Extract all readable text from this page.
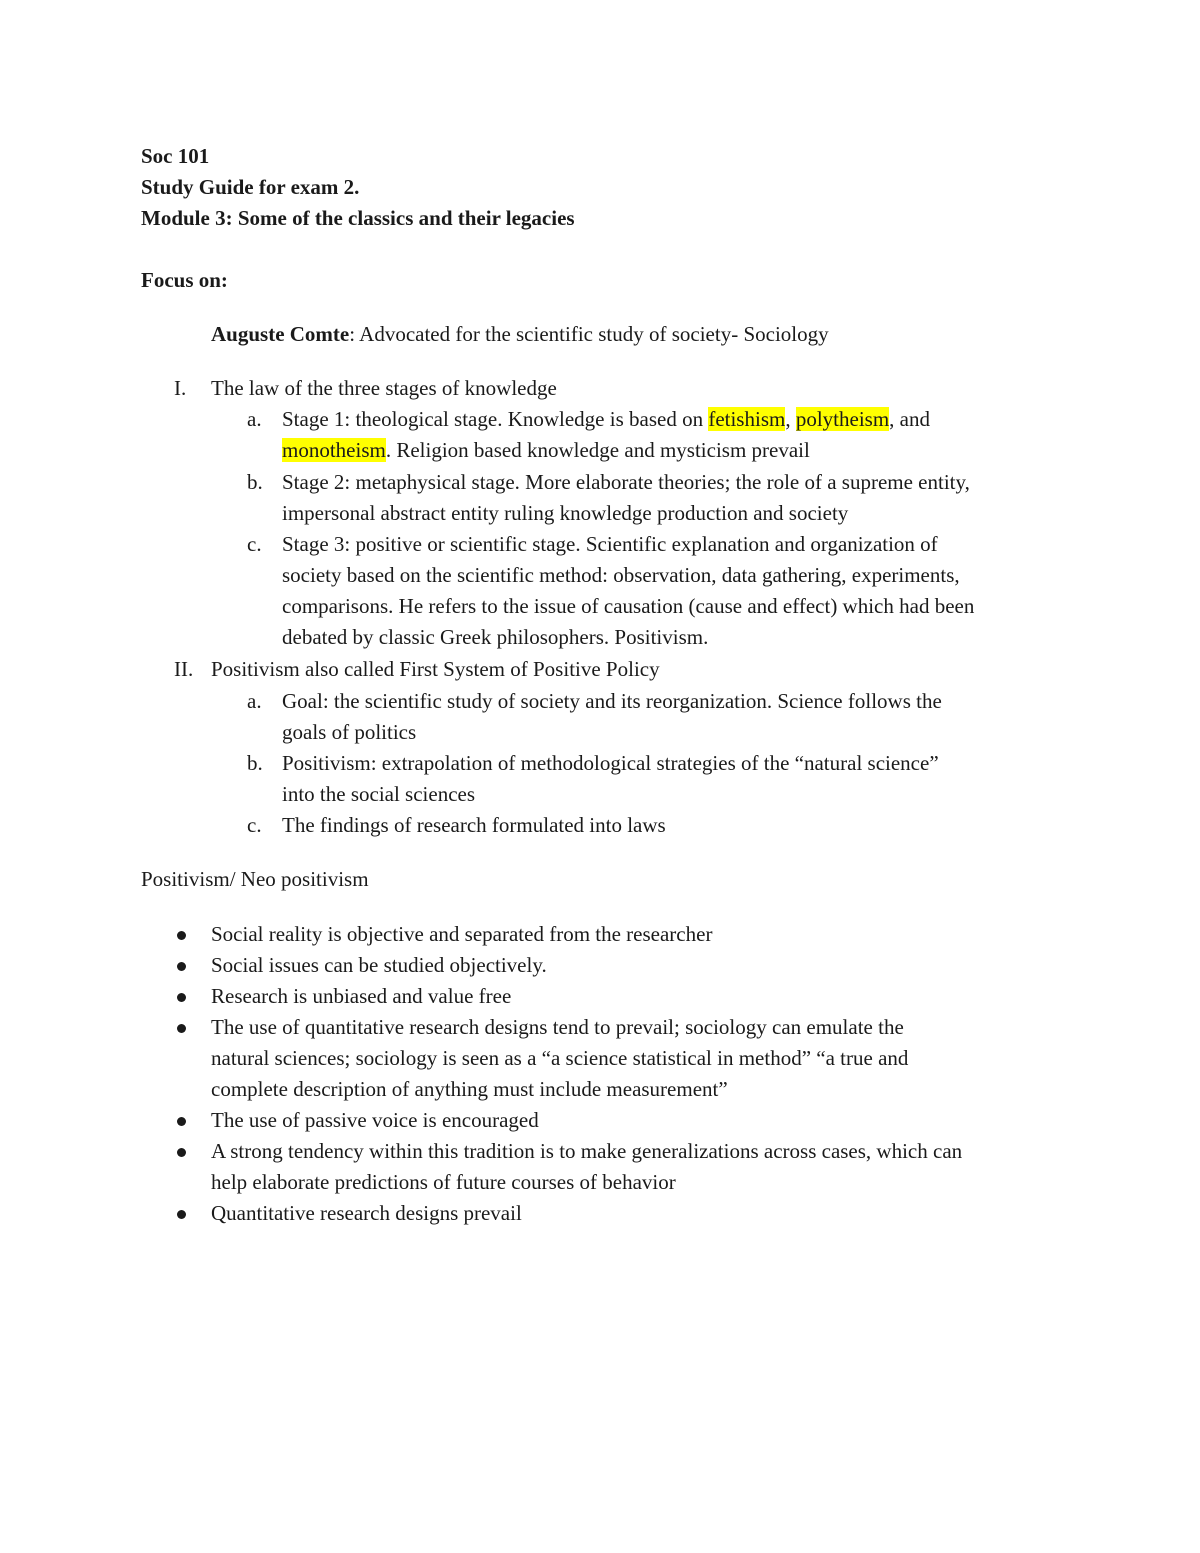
Soc 101
Study Guide for exam 2.
Module 3: Some of the classics and their legacies
Focus on:
Auguste Comte: Advocated for the scientific study of society- Sociology
I. The law of the three stages of knowledge
a. Stage 1: theological stage. Knowledge is based on fetishism, polytheism, and
monotheism. Religion based knowledge and mysticism prevail
b. Stage 2: metaphysical stage. More elaborate theories; the role of a supreme entity,
impersonal abstract entity ruling knowledge production and society
c. Stage 3: positive or scientific stage. Scientific explanation and organization of
society based on the scientific method: observation, data gathering, experiments,
comparisons. He refers to the issue of causation (cause and effect) which had been
debated by classic Greek philosophers. Positivism.
II. Positivism also called First System of Positive Policy
a. Goal: the scientific study of society and its reorganization. Science follows the
goals of politics
b. Positivism: extrapolation of methodological strategies of the “natural science”
into the social sciences
c. The findings of research formulated into laws
Positivism/ Neo positivism
Social reality is objective and separated from the researcher
Social issues can be studied objectively.
Research is unbiased and value free
The use of quantitative research designs tend to prevail; sociology can emulate the
natural sciences; sociology is seen as a “a science statistical in method” “a true and
complete description of anything must include measurement”
The use of passive voice is encouraged
A strong tendency within this tradition is to make generalizations across cases, which can
help elaborate predictions of future courses of behavior
Quantitative research designs prevail
